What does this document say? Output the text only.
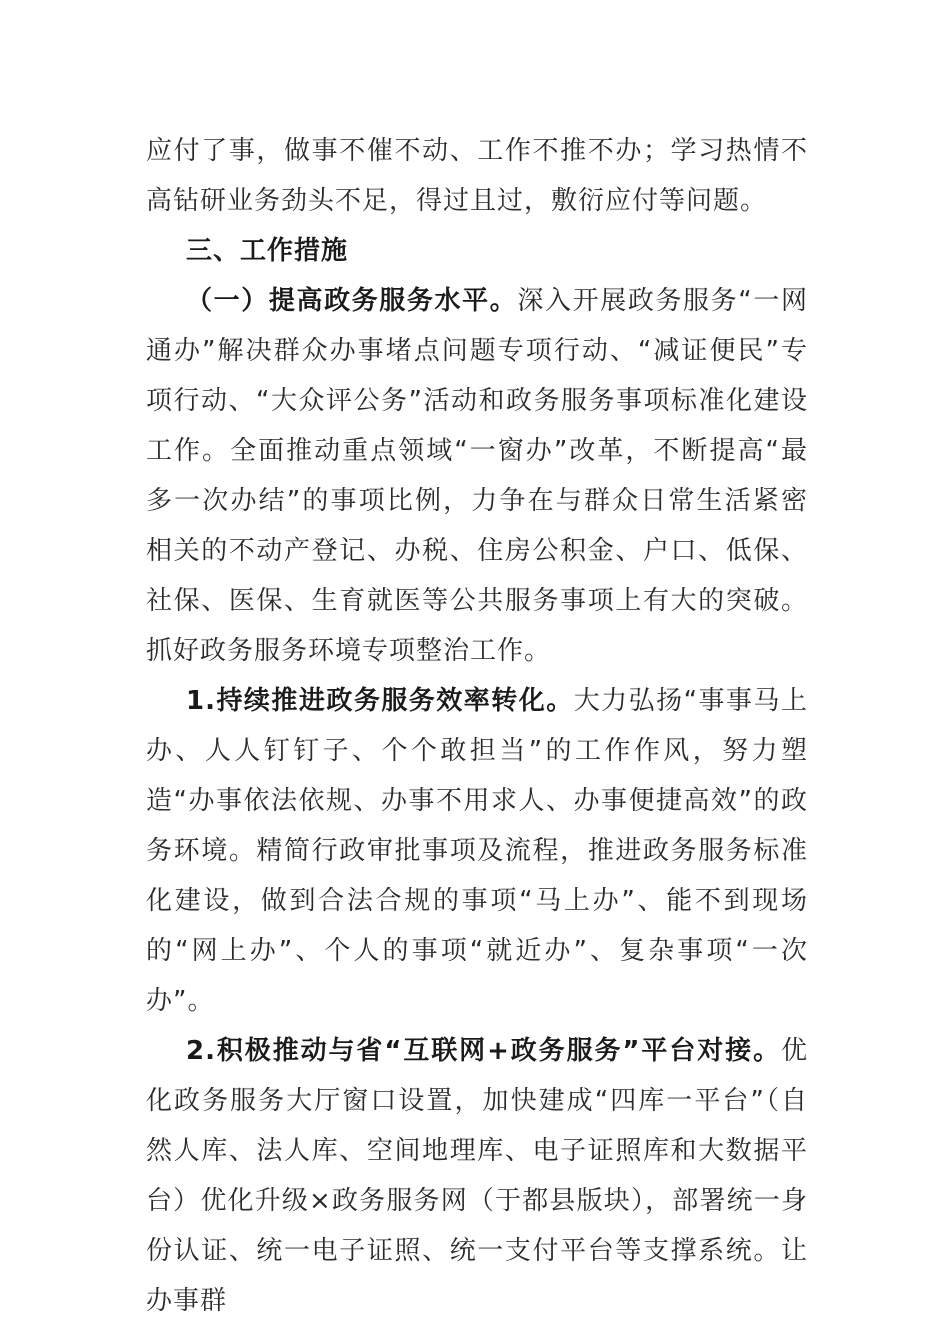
应付了事，做事不催不动、工作不推不办；学习热情不高钻研业务劲头不足，得过且过，敷衍应付等问题。

三、工作措施

（一）提高政务服务水平。深入开展政务服务“一网通办”解决群众办事堵点问题专项行动、“减证便民”专项行动、“大众评公务”活动和政务服务事项标准化建设工作。全面推动重点领域“一窗办”改革，不断提高“最多一次办结”的事项比例，力争在与群众日常生活紧密相关的不动产登记、办税、住房公积金、户口、低保、社保、医保、生育就医等公共服务事项上有大的突破。抓好政务服务环境专项整治工作。

1.持续推进政务服务效率转化。大力弘扬“事事马上办、人人钉钉子、个个敢担当”的工作作风，努力塑造“办事依法依规、办事不用求人、办事便捷高效”的政务环境。精简行政审批事项及流程，推进政务服务标准化建设，做到合法合规的事项“马上办”、能不到现场的“网上办”、个人的事项“就近办”、复杂事项“一次办”。

2.积极推动与省“互联网+政务服务”平台对接。优化政务服务大厅窗口设置，加快建成“四库一平台”（自然人库、法人库、空间地理库、电子证照库和大数据平台）优化升级×政务服务网（于都县版块），部署统一身份认证、统一电子证照、统一支付平台等支撑系统。让办事群
